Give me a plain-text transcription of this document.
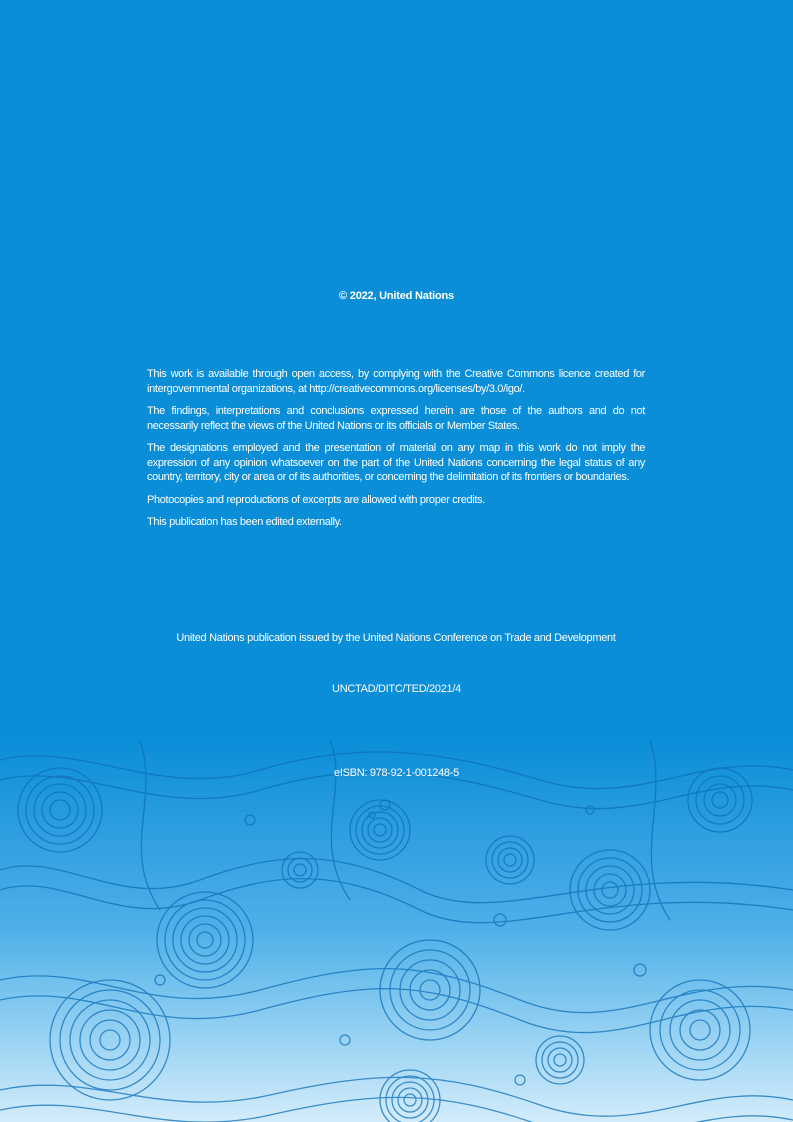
© 2022, United Nations

This work is available through open access, by complying with the Creative Commons licence created for intergovernmental organizations, at http://creativecommons.org/licenses/by/3.0/igo/.

The findings, interpretations and conclusions expressed herein are those of the authors and do not necessarily reflect the views of the United Nations or its officials or Member States.

The designations employed and the presentation of material on any map in this work do not imply the expression of any opinion whatsoever on the part of the United Nations concerning the legal status of any country, territory, city or area or of its authorities, or concerning the delimitation of its frontiers or boundaries.

Photocopies and reproductions of excerpts are allowed with proper credits.

This publication has been edited externally.

United Nations publication issued by the United Nations Conference on Trade and Development
UNCTAD/DITC/TED/2021/4
eISBN: 978-92-1-001248-5
